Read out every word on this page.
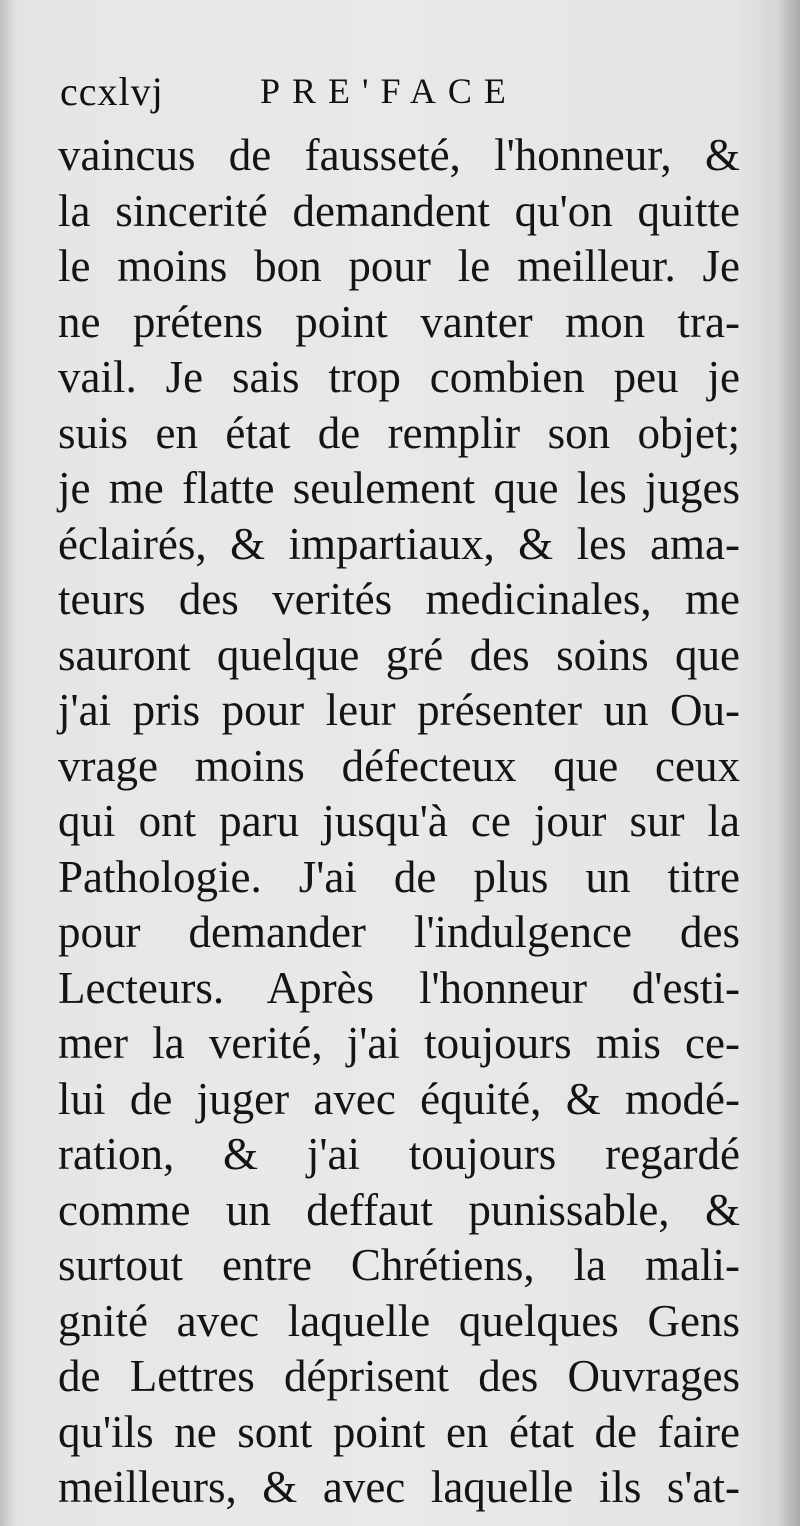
ccxlvj	PRE'FACE
vaincus de fausseté, l'honneur, &
la sincerité demandent qu'on quitte
le moins bon pour le meilleur. Je
ne prétens point vanter mon tra-
vail. Je sais trop combien peu je
suis en état de remplir son objet;
je me flatte seulement que les juges
éclairés, & impartiaux, & les ama-
teurs des verités medicinales, me
sauront quelque gré des soins que
j'ai pris pour leur présenter un Ou-
vrage moins défecteux que ceux
qui ont paru jusqu'à ce jour sur la
Pathologie. J'ai de plus un titre
pour demander l'indulgence des
Lecteurs. Après l'honneur d'esti-
mer la verité, j'ai toujours mis ce-
lui de juger avec équité, & modé-
ration, & j'ai toujours regardé
comme un deffaut punissable, &
surtout entre Chrétiens, la mali-
gnité avec laquelle quelques Gens
de Lettres déprisent des Ouvrages
qu'ils ne sont point en état de faire
meilleurs, & avec laquelle ils s'at-
